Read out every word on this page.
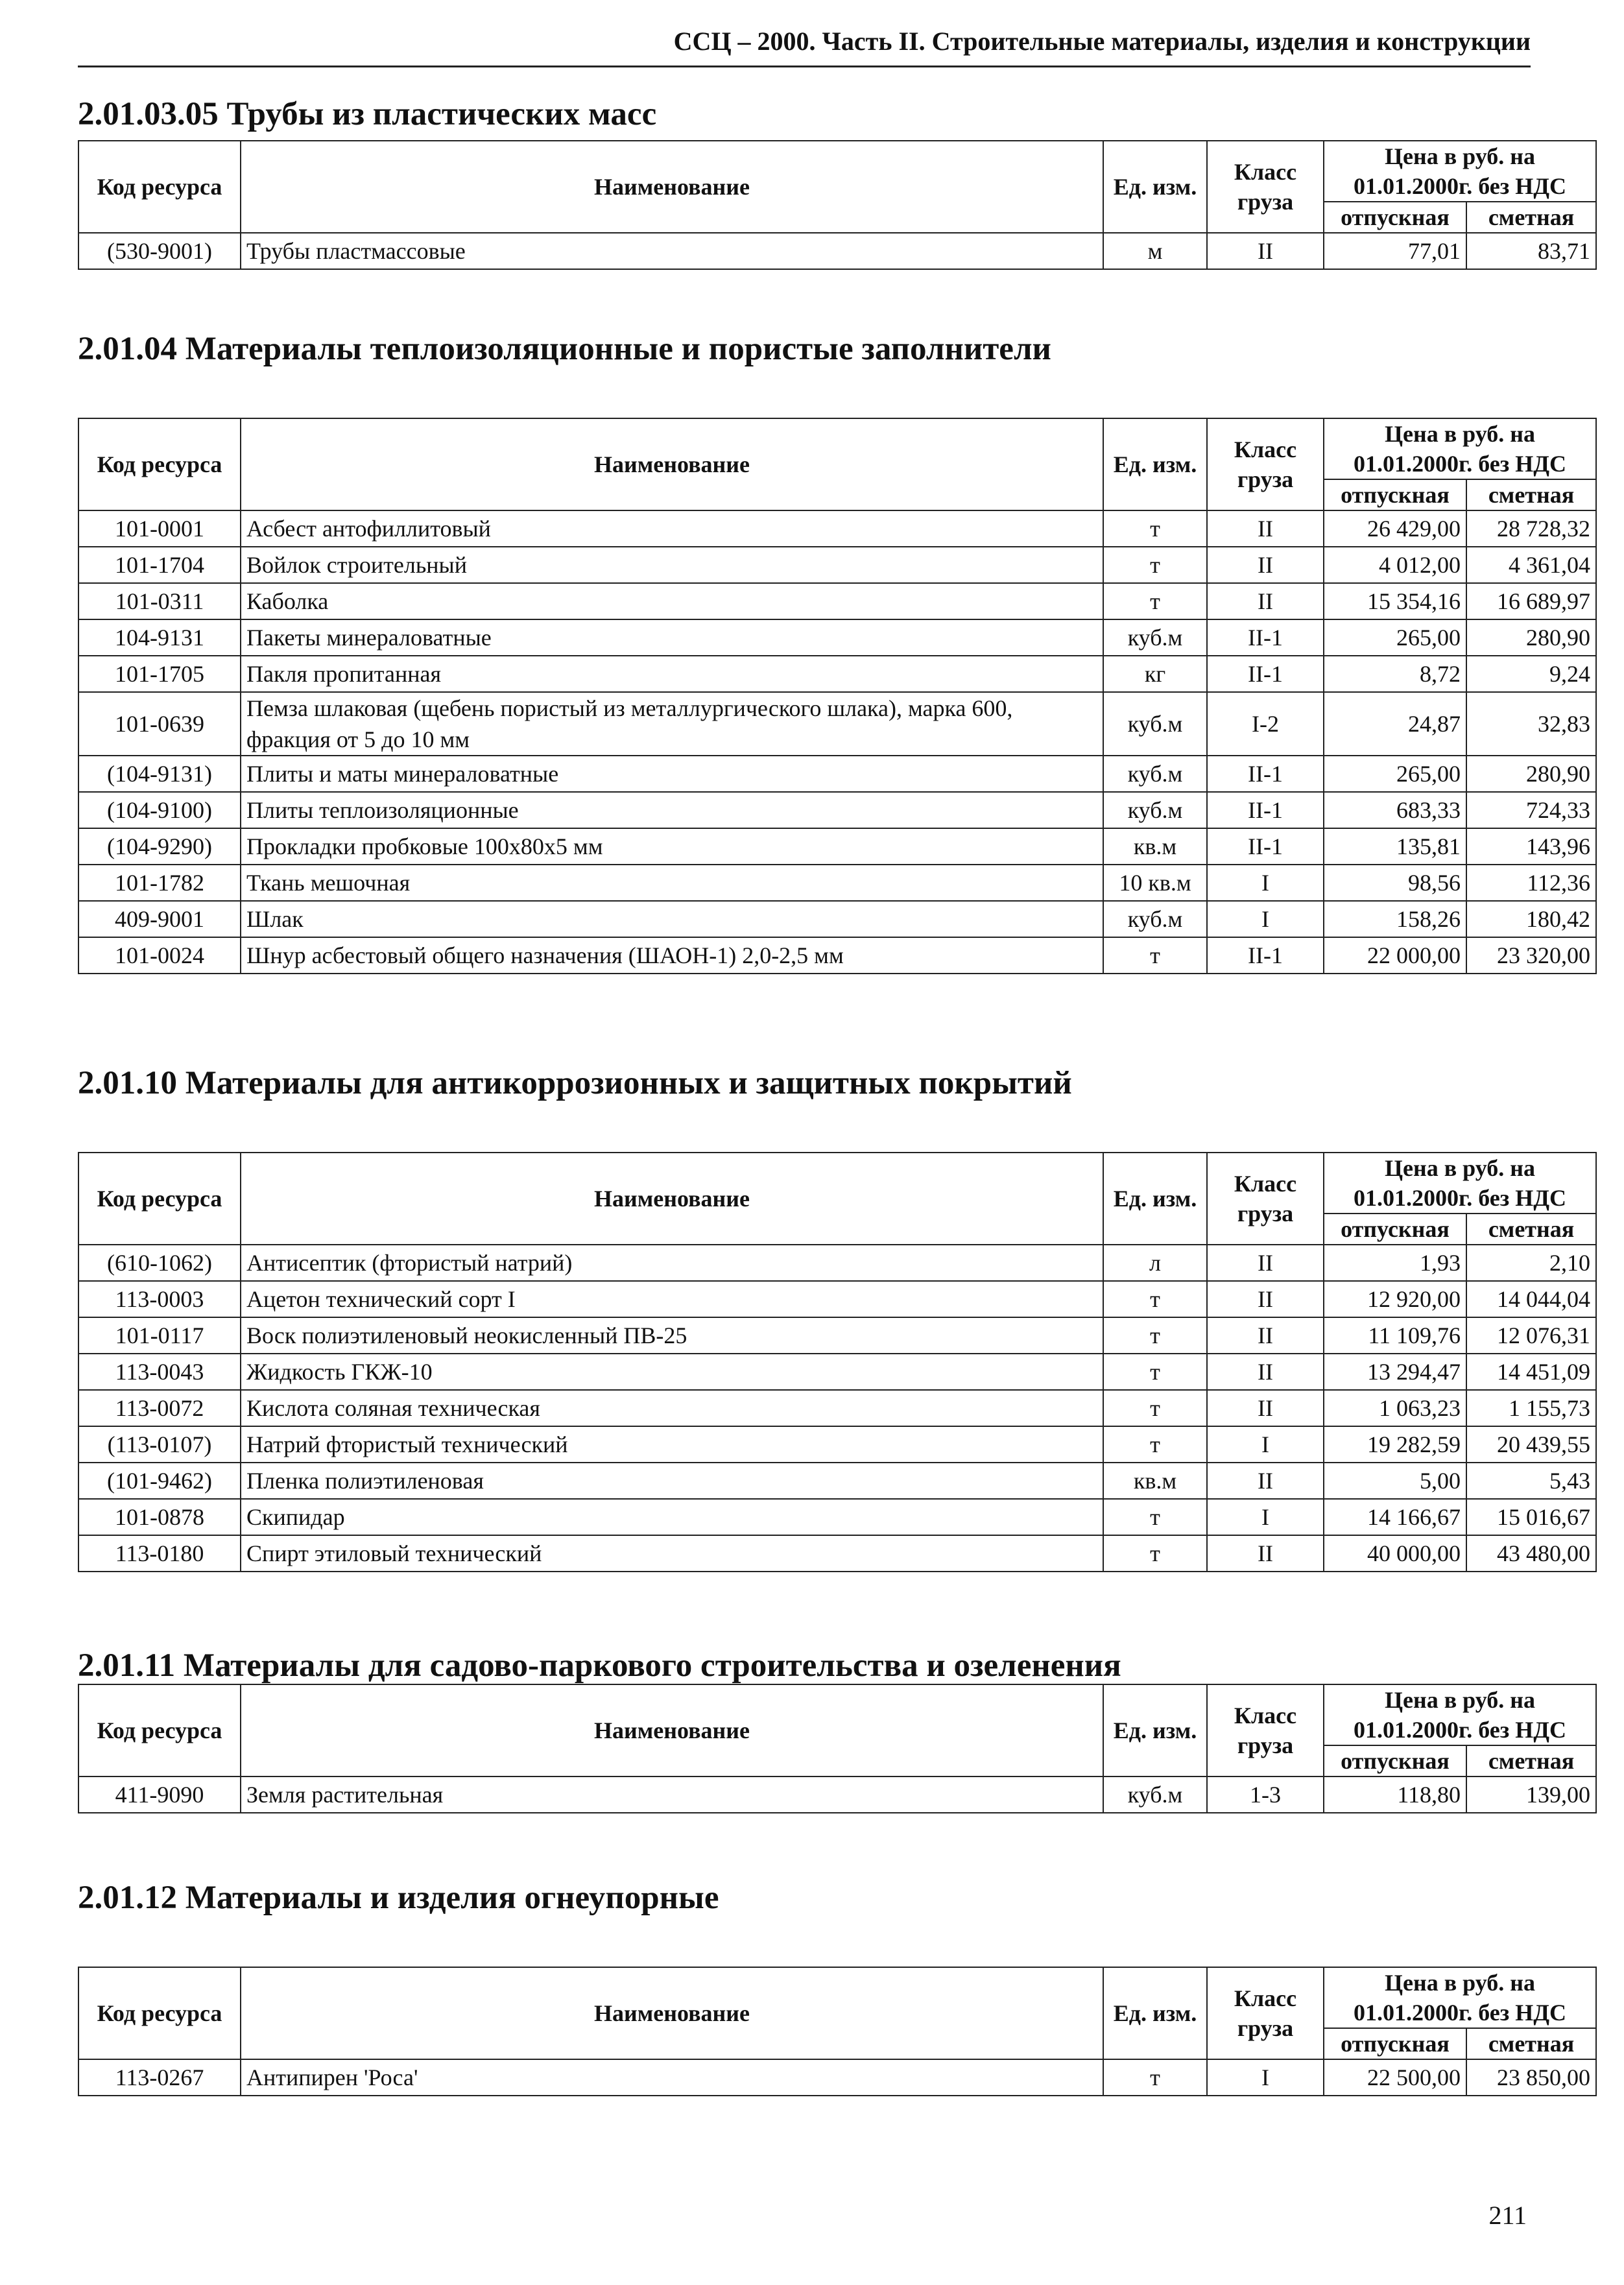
ССЦ – 2000. Часть II. Строительные материалы, изделия и конструкции
2.01.03.05 Трубы из пластических масс
Код ресурса	Наименование	Ед. изм.	Класс груза	Цена в руб. на 01.01.2000г. без НДС	
				отпускная	сметная
(530-9001)	Трубы пластмассовые	м	II	77,01	83,71
2.01.04 Материалы теплоизоляционные и пористые заполнители
Код ресурса	Наименование	Ед. изм.	Класс груза	Цена в руб. на 01.01.2000г. без НДС	
				отпускная	сметная
101-0001	Асбест антофиллитовый	т	II	26 429,00	28 728,32
101-1704	Войлок строительный	т	II	4 012,00	4 361,04
101-0311	Каболка	т	II	15 354,16	16 689,97
104-9131	Пакеты минераловатные	куб.м	II-1	265,00	280,90
101-1705	Пакля пропитанная	кг	II-1	8,72	9,24
101-0639	Пемза шлаковая (щебень пористый из металлургического шлака), марка 600, фракция от 5 до 10 мм	куб.м	I-2	24,87	32,83
(104-9131)	Плиты и маты минераловатные	куб.м	II-1	265,00	280,90
(104-9100)	Плиты теплоизоляционные	куб.м	II-1	683,33	724,33
(104-9290)	Прокладки пробковые 100х80х5 мм	кв.м	II-1	135,81	143,96
101-1782	Ткань мешочная	10 кв.м	I	98,56	112,36
409-9001	Шлак	куб.м	I	158,26	180,42
101-0024	Шнур асбестовый общего назначения (ШАОН-1) 2,0-2,5 мм	т	II-1	22 000,00	23 320,00
2.01.10 Материалы для антикоррозионных и защитных покрытий
Код ресурса	Наименование	Ед. изм.	Класс груза	Цена в руб. на 01.01.2000г. без НДС	
				отпускная	сметная
(610-1062)	Антисептик (фтористый натрий)	л	II	1,93	2,10
113-0003	Ацетон технический сорт I	т	II	12 920,00	14 044,04
101-0117	Воск полиэтиленовый неокисленный ПВ-25	т	II	11 109,76	12 076,31
113-0043	Жидкость ГКЖ-10	т	II	13 294,47	14 451,09
113-0072	Кислота соляная техническая	т	II	1 063,23	1 155,73
(113-0107)	Натрий фтористый технический	т	I	19 282,59	20 439,55
(101-9462)	Пленка полиэтиленовая	кв.м	II	5,00	5,43
101-0878	Скипидар	т	I	14 166,67	15 016,67
113-0180	Спирт этиловый технический	т	II	40 000,00	43 480,00
2.01.11 Материалы для садово-паркового строительства и озеленения
Код ресурса	Наименование	Ед. изм.	Класс груза	Цена в руб. на 01.01.2000г. без НДС	
				отпускная	сметная
411-9090	Земля растительная	куб.м	1-3	118,80	139,00
2.01.12 Материалы и изделия огнеупорные
Код ресурса	Наименование	Ед. изм.	Класс груза	Цена в руб. на 01.01.2000г. без НДС	
				отпускная	сметная
113-0267	Антипирен 'Роса'	т	I	22 500,00	23 850,00
211
